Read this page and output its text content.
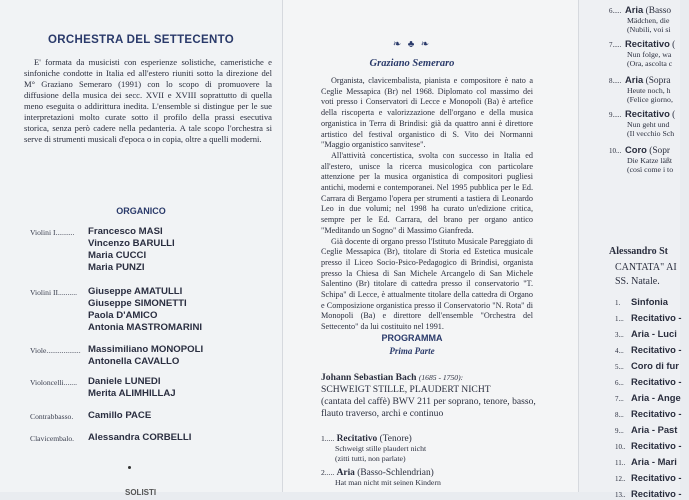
ORCHESTRA DEL SETTECENTO

E' formata da musicisti con esperienze solistiche, cameristiche e sinfoniche condotte in Italia ed all'estero riuniti sotto la direzione del M° Graziano Semeraro (1991) con lo scopo di promuovere la diffusione della musica dei secc. XVII e XVIII soprattutto di quella meno eseguita o addirittura inedita. L'ensemble si distingue per le sue interpretazioni molto curate sotto il profilo della prassi esecutiva storica, senza però cadere nella pedanteria. A tale scopo l'orchestra si serve di strumenti musicali d'epoca o in copia, oltre a quelli moderni.

ORGANICO
Violini I.......... Francesco MASI
Vincenzo BARULLI
Maria CUCCI
Maria PUNZI
Violini II.......... Giuseppe AMATULLI
Giuseppe SIMONETTI
Paola D'AMICO
Antonia MASTROMARINI
Viole.................. Massimiliano MONOPOLI
Antonella CAVALLO
Violoncelli....... Daniele LUNEDI
Merita ALIMHILLAJ
Contrabbasso. Camillo PACE
Clavicembalo. Alessandra CORBELLI
SOLISTI
❧ ♣ ❧
Graziano Semeraro

Organista, clavicembalista, pianista e compositore è nato a Ceglie Messapica (Br) nel 1968. Diplomato col massimo dei voti presso i Conservatori di Lecce e Monopoli (Ba) è artefice della riscoperta e valorizzazione dell'organo e della musica organistica in Terra di Brindisi: già da quattro anni è direttore artistico del festival organistico di S. Vito dei Normanni "Maggio organistico sanvitese".

All'attività concertistica, svolta con successo in Italia ed all'estero, unisce la ricerca musicologica con particolare attenzione per la musica organistica di compositori pugliesi antichi, moderni e contemporanei. Nel 1995 pubblica per le Ed. Carrara di Bergamo l'opera per strumenti a tastiera di Leonardo Leo in due volumi; nel 1998 ha curato un'edizione critica, sempre per le Ed. Carrara, del brano per organo antico "Meditando un Sogno" di Massimo Gianfreda.

Già docente di organo presso l'Istituto Musicale Pareggiato di Ceglie Messapica (Br), titolare di Storia ed Estetica musicale presso il Liceo Socio-Psico-Pedagogico di Brindisi, organista presso la Chiesa di San Michele Arcangelo di San Michele Salentino (Br) titolare di cattedra presso il conservatorio "T. Schipa" di Lecce, è attualmente titolare della cattedra di Organo e Composizione organistica presso il Conservatorio "N. Rota" di Monopoli (Ba) e direttore dell'ensemble "Orchestra del Settecento" da lui costituito nel 1991.

PROGRAMMA
Prima Parte
Johann Sebastian Bach (1685 - 1750):
SCHWEIGT STILLE, PLAUDERT NICHT
(cantata del caffè) BWV 211 per soprano, tenore, basso, flauto traverso, archi e continuo
1..... Recitativo (Tenore)
Schweigt stille plaudert nicht
(zitti tutti, non parlate)
2..... Aria (Basso-Schlendrian)
Hat man nicht mit seinen Kindern
6..... Aria (Basso
Mädchen, die
(Nubili, voi si
7..... Recitativo (
Nun folge, wa
(Ora, ascolta c
8..... Aria (Sopra
Heute noch, h
(Felice giorno,
9..... Recitativo (
Nun geht und
(Il vecchio Sch
10... Coro (Sopr
Die Katze läßt
(così come i to
Alessandro St
CANTATA" AI
SS. Natale.
1. Sinfonia
1... Recitativo -
3... Aria - Luci
4... Recitativo -
5... Coro di fur
6... Recitativo -
7... Aria - Ange
8... Recitativo -
9... Aria - Past
10.. Recitativo -
11.. Aria - Mari
12.. Recitativo -
13.. Recitativo -
